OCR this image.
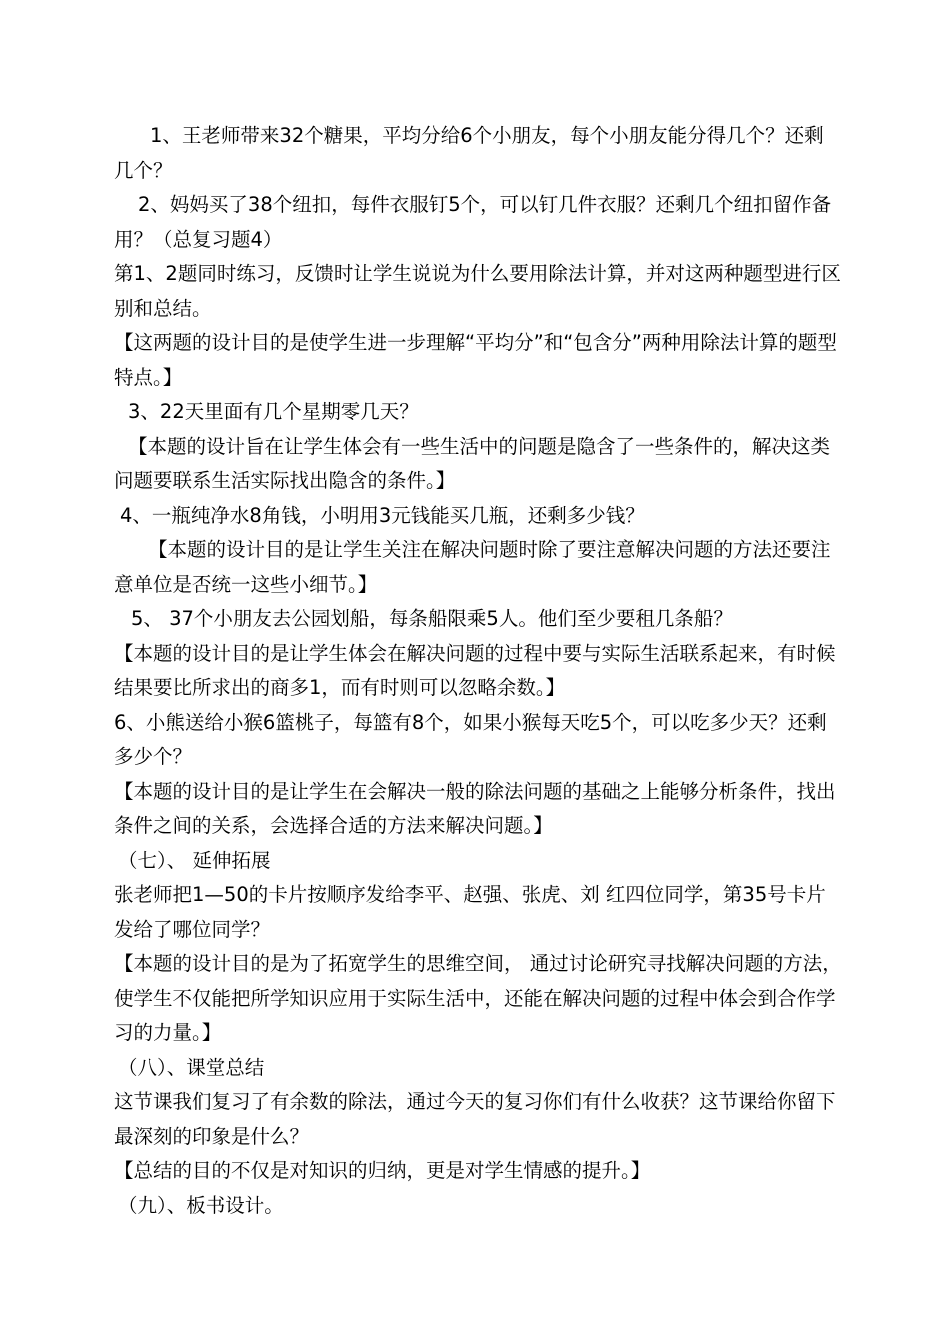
1、王老师带来32个糖果，平均分给6个小朋友，每个小朋友能分得几个？还剩几个？

2、妈妈买了38个纽扣，每件衣服钉5个，可以钉几件衣服？还剩几个纽扣留作备用？（总复习题4）

第1、2题同时练习，反馈时让学生说说为什么要用除法计算，并对这两种题型进行区别和总结。

【这两题的设计目的是使学生进一步理解“平均分”和“包含分”两种用除法计算的题型特点。】

3、22天里面有几个星期零几天？

【本题的设计旨在让学生体会有一些生活中的问题是隐含了一些条件的，解决这类问题要联系生活实际找出隐含的条件。】

4、一瓶纯净水8角钱，小明用3元钱能买几瓶，还剩多少钱？

【本题的设计目的是让学生关注在解决问题时除了要注意解决问题的方法还要注意单位是否统一这些小细节。】

5、 37个小朋友去公园划船，每条船限乘5人。他们至少要租几条船？

【本题的设计目的是让学生体会在解决问题的过程中要与实际生活联系起来，有时候结果要比所求出的商多1，而有时则可以忽略余数。】

6、小熊送给小猴6篮桃子，每篮有8个，如果小猴每天吃5个，可以吃多少天？还剩多少个？

【本题的设计目的是让学生在会解决一般的除法问题的基础之上能够分析条件，找出条件之间的关系，会选择合适的方法来解决问题。】

（七）、 延伸拓展

张老师把1—50的卡片按顺序发给李平、赵强、张虎、刘 红四位同学，第35号卡片发给了哪位同学？

【本题的设计目的是为了拓宽学生的思维空间， 通过讨论研究寻找解决问题的方法，使学生不仅能把所学知识应用于实际生活中，还能在解决问题的过程中体会到合作学习的力量。】

（八）、课堂总结

这节课我们复习了有余数的除法，通过今天的复习你们有什么收获？这节课给你留下最深刻的印象是什么？

【总结的目的不仅是对知识的归纳，更是对学生情感的提升。】

（九）、板书设计。
